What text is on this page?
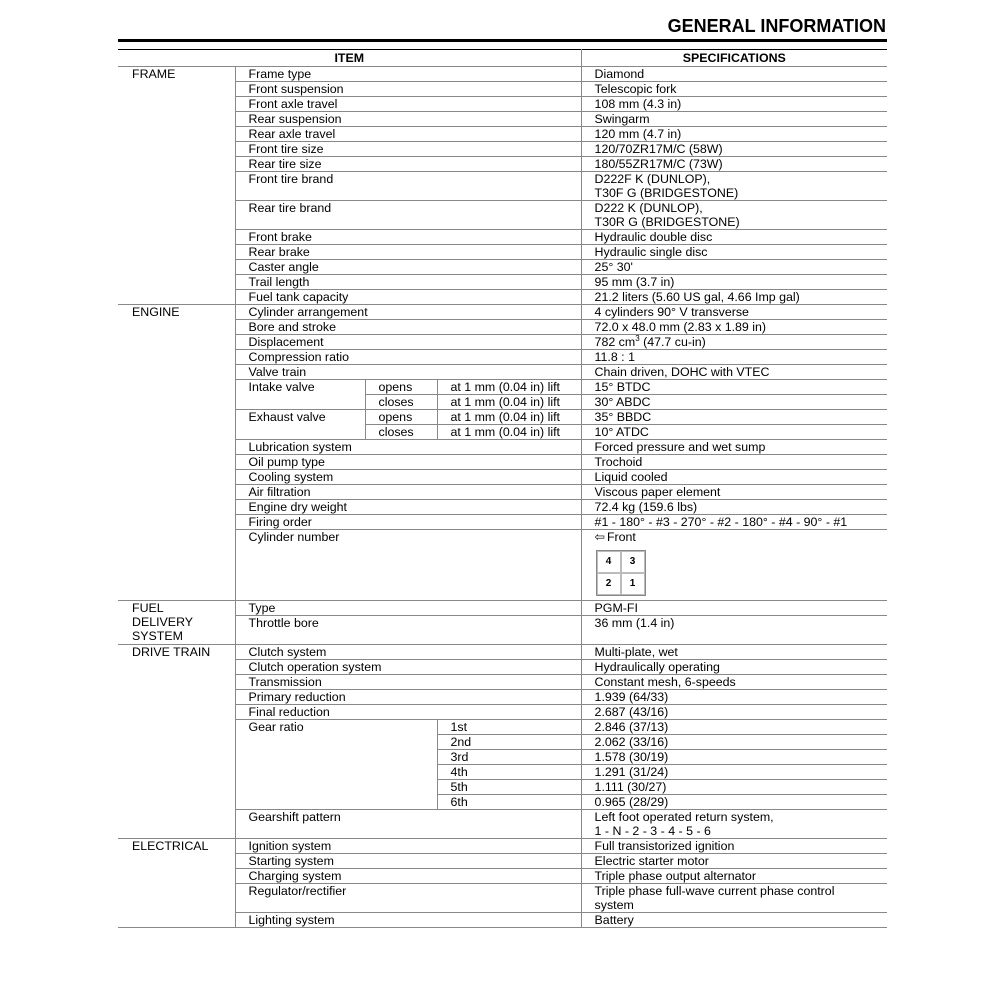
GENERAL INFORMATION
ITEM				SPECIFICATIONS
FRAME	Frame type			Diamond
	Front suspension			Telescopic fork
	Front axle travel			108 mm (4.3 in)
	Rear suspension			Swingarm
	Rear axle travel			120 mm (4.7 in)
	Front tire size			120/70ZR17M/C (58W)
	Rear tire size			180/55ZR17M/C (73W)
	Front tire brand			D222F K (DUNLOP),
T30F G (BRIDGESTONE)

	Rear tire brand			D222 K (DUNLOP),
T30R G (BRIDGESTONE)

	Front brake			Hydraulic double disc
	Rear brake			Hydraulic single disc
	Caster angle			25° 30'
	Trail length			95 mm (3.7 in)
	Fuel tank capacity			21.2 liters (5.60 US gal, 4.66 Imp gal)
ENGINE	Cylinder arrangement			4 cylinders 90° V transverse
	Bore and stroke			72.0 x 48.0 mm (2.83 x 1.89 in)
	Displacement			782 $cm^3$ (47.7 cu-in)
	Compression ratio			11.8 : 1
	Valve train			Chain driven, DOHC with VTEC
	Intake valve	opens	at 1 mm (0.04 in) lift	15° BTDC
		closes	at 1 mm (0.04 in) lift	30° ABDC
	Exhaust valve	opens	at 1 mm (0.04 in) lift	35° BBDC
		closes	at 1 mm (0.04 in) lift	10° ATDC
	Lubrication system			Forced pressure and wet sump
	Oil pump type			Trochoid
	Cooling system			Liquid cooled
	Air filtration			Viscous paper element
	Engine dry weight			72.4 kg (159.6 lbs)
	Firing order			#1 - 180° - #3 - 270° - #2 - 180° - #4 - 90° - #1
	Cylinder number			⇦ Front
4 3
2 1

FUEL
DELIVERY
SYSTEM	Type			PGM-FI
	Throttle bore			36 mm (1.4 in)
DRIVE TRAIN	Clutch system			Multi-plate, wet
	Clutch operation system			Hydraulically operating
	Transmission			Constant mesh, 6-speeds
	Primary reduction			1.939 (64/33)
	Final reduction			2.687 (43/16)
	Gear ratio		1st	2.846 (37/13)
			2nd	2.062 (33/16)
			3rd	1.578 (30/19)
			4th	1.291 (31/24)
			5th	1.111 (30/27)
			6th	0.965 (28/29)
	Gearshift pattern			Left foot operated return system,
1 - N - 2 - 3 - 4 - 5 - 6

ELECTRICAL	Ignition system			Full transistorized ignition
	Starting system			Electric starter motor
	Charging system			Triple phase output alternator
	Regulator/rectifier			Triple phase full-wave current phase control
system

	Lighting system			Battery
